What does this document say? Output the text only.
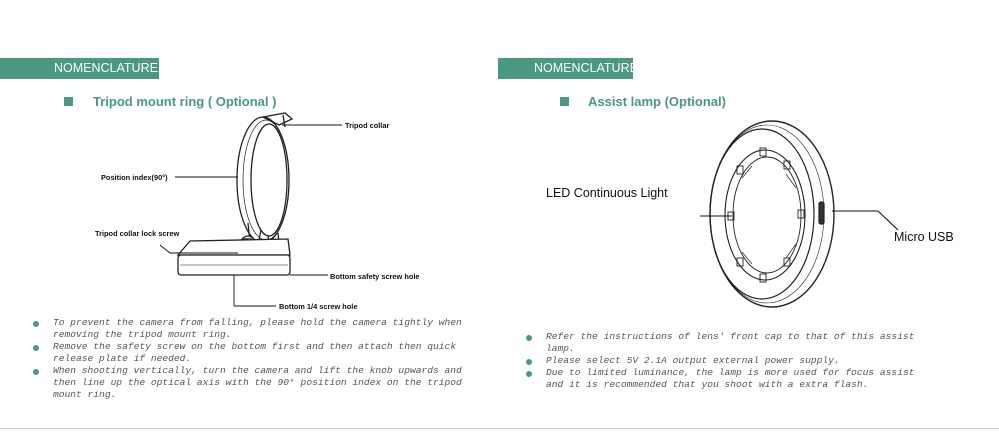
NOMENCLATURE
Tripod mount ring ( Optional )
Tripod collar
Position index(90°)
Tripod collar lock screw
Bottom safety screw hole
Bottom 1/4 screw hole
To prevent the camera from falling, please hold the camera tightly when removing the tripod mount ring.
Remove the safety screw on the bottom first and then attach then quick release plate if needed.
When shooting vertically, turn the camera and lift the knob upwards and then line up the optical axis with the 90° position index on the tripod mount ring.
NOMENCLATURE
Assist lamp (Optional)
LED Continuous Light
Micro USB
Refer the instructions of lens' front cap to that of this assist lamp.
Please select 5V 2.1A output external power supply.
Due to limited luminance, the lamp is more used for focus assist and it is recommended that you shoot with a extra flash.
